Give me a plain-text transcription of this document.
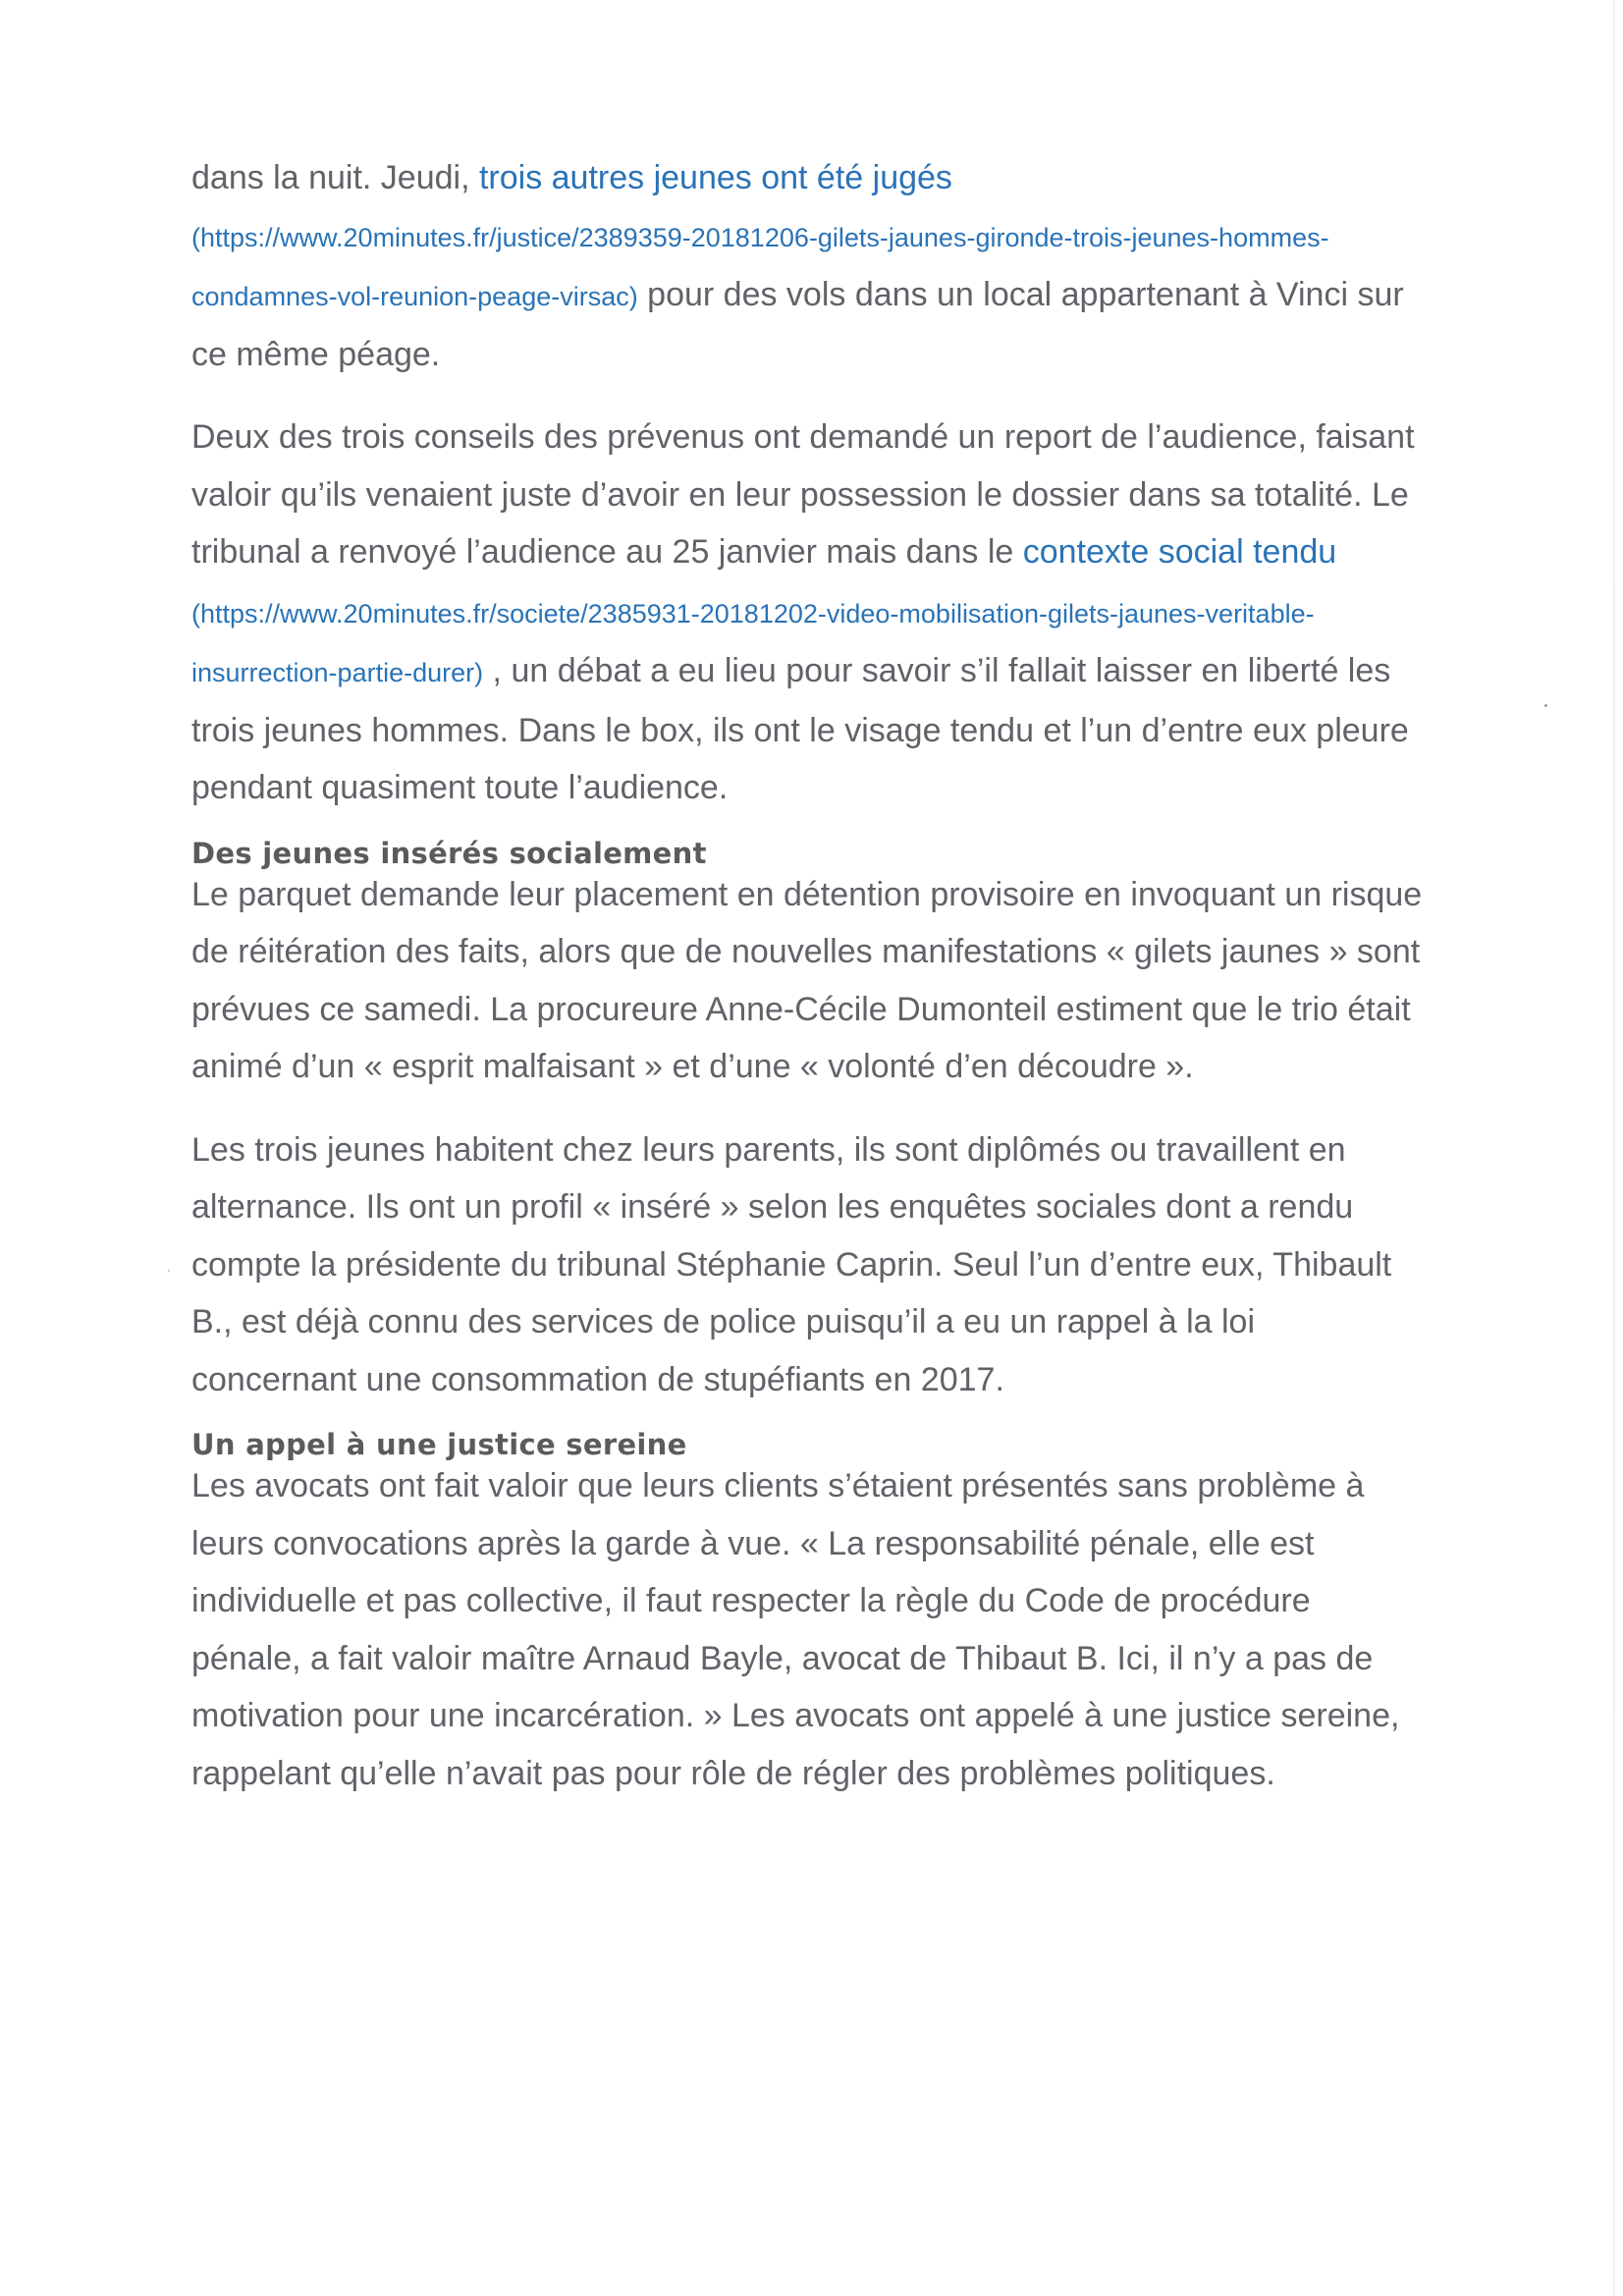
dans la nuit. Jeudi, trois autres jeunes ont été jugés
(https://www.20minutes.fr/justice/2389359-20181206-gilets-jaunes-gironde-trois-jeunes-hommes-condamnes-vol-reunion-peage-virsac) pour des vols dans un local appartenant à Vinci sur ce même péage.

Deux des trois conseils des prévenus ont demandé un report de l’audience, faisant valoir qu’ils venaient juste d’avoir en leur possession le dossier dans sa totalité. Le tribunal a renvoyé l’audience au 25 janvier mais dans le contexte social tendu (https://www.20minutes.fr/societe/2385931-20181202-video-mobilisation-gilets-jaunes-veritable-insurrection-partie-durer) , un débat a eu lieu pour savoir s’il fallait laisser en liberté les trois jeunes hommes. Dans le box, ils ont le visage tendu et l’un d’entre eux pleure pendant quasiment toute l’audience.

Des jeunes insérés socialement

Le parquet demande leur placement en détention provisoire en invoquant un risque de réitération des faits, alors que de nouvelles manifestations « gilets jaunes » sont prévues ce samedi. La procureure Anne-Cécile Dumonteil estiment que le trio était animé d’un « esprit malfaisant » et d’une « volonté d’en découdre ».

Les trois jeunes habitent chez leurs parents, ils sont diplômés ou travaillent en alternance. Ils ont un profil « inséré » selon les enquêtes sociales dont a rendu compte la présidente du tribunal Stéphanie Caprin. Seul l’un d’entre eux, Thibault B., est déjà connu des services de police puisqu’il a eu un rappel à la loi concernant une consommation de stupéfiants en 2017.

Un appel à une justice sereine

Les avocats ont fait valoir que leurs clients s’étaient présentés sans problème à leurs convocations après la garde à vue. « La responsabilité pénale, elle est individuelle et pas collective, il faut respecter la règle du Code de procédure pénale, a fait valoir maître Arnaud Bayle, avocat de Thibaut B. Ici, il n’y a pas de motivation pour une incarcération. » Les avocats ont appelé à une justice sereine, rappelant qu’elle n’avait pas pour rôle de régler des problèmes politiques.
